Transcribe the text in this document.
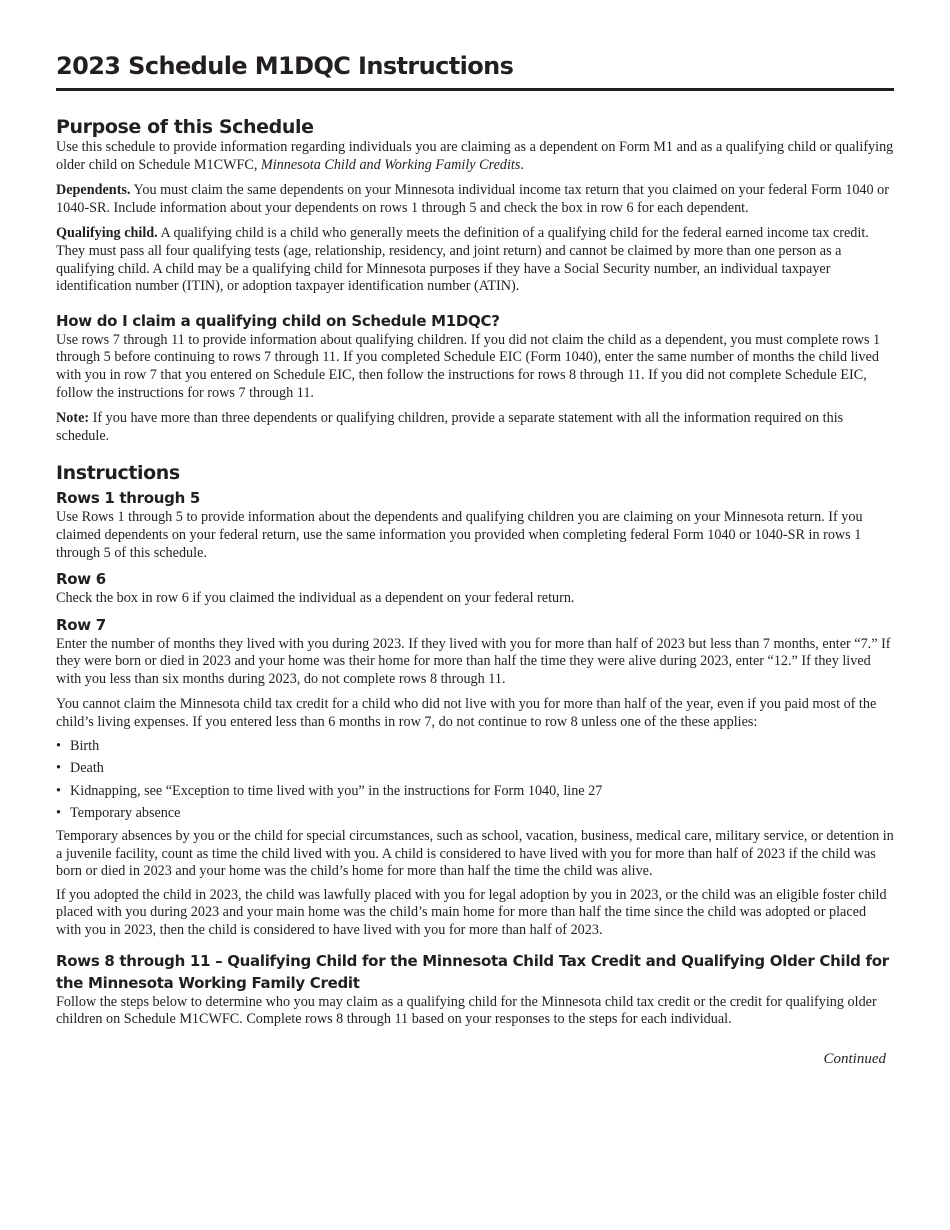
2023 Schedule M1DQC Instructions
Purpose of this Schedule

Use this schedule to provide information regarding individuals you are claiming as a dependent on Form M1 and as a qualifying child or qualifying older child on Schedule M1CWFC, Minnesota Child and Working Family Credits.

Dependents. You must claim the same dependents on your Minnesota individual income tax return that you claimed on your federal Form 1040 or 1040-SR. Include information about your dependents on rows 1 through 5 and check the box in row 6 for each dependent.

Qualifying child. A qualifying child is a child who generally meets the definition of a qualifying child for the federal earned income tax credit. They must pass all four qualifying tests (age, relationship, residency, and joint return) and cannot be claimed by more than one person as a qualifying child. A child may be a qualifying child for Minnesota purposes if they have a Social Security number, an individual taxpayer identification number (ITIN), or adoption taxpayer identification number (ATIN).

How do I claim a qualifying child on Schedule M1DQC?

Use rows 7 through 11 to provide information about qualifying children. If you did not claim the child as a dependent, you must complete rows 1 through 5 before continuing to rows 7 through 11. If you completed Schedule EIC (Form 1040), enter the same number of months the child lived with you in row 7 that you entered on Schedule EIC, then follow the instructions for rows 8 through 11. If you did not complete Schedule EIC, follow the instructions for rows 7 through 11.

Note: If you have more than three dependents or qualifying children, provide a separate statement with all the information required on this schedule.

Instructions
Rows 1 through 5

Use Rows 1 through 5 to provide information about the dependents and qualifying children you are claiming on your Minnesota return. If you claimed dependents on your federal return, use the same information you provided when completing federal Form 1040 or 1040-SR in rows 1 through 5 of this schedule.

Row 6

Check the box in row 6 if you claimed the individual as a dependent on your federal return.

Row 7

Enter the number of months they lived with you during 2023. If they lived with you for more than half of 2023 but less than 7 months, enter “7.” If they were born or died in 2023 and your home was their home for more than half the time they were alive during 2023, enter “12.” If they lived with you less than six months during 2023, do not complete rows 8 through 11.

You cannot claim the Minnesota child tax credit for a child who did not live with you for more than half of the year, even if you paid most of the child’s living expenses. If you entered less than 6 months in row 7, do not continue to row 8 unless one of the these applies:

• Birth
• Death
• Kidnapping, see “Exception to time lived with you” in the instructions for Form 1040, line 27
• Temporary absence

Temporary absences by you or the child for special circumstances, such as school, vacation, business, medical care, military service, or detention in a juvenile facility, count as time the child lived with you. A child is considered to have lived with you for more than half of 2023 if the child was born or died in 2023 and your home was the child’s home for more than half the time the child was alive.

If you adopted the child in 2023, the child was lawfully placed with you for legal adoption by you in 2023, or the child was an eligible foster child placed with you during 2023 and your main home was the child’s main home for more than half the time since the child was adopted or placed with you in 2023, then the child is considered to have lived with you for more than half of 2023.

Rows 8 through 11 – Qualifying Child for the Minnesota Child Tax Credit and Qualifying Older Child for the Minnesota Working Family Credit

Follow the steps below to determine who you may claim as a qualifying child for the Minnesota child tax credit or the credit for qualifying older children on Schedule M1CWFC. Complete rows 8 through 11 based on your responses to the steps for each individual.

Continued
